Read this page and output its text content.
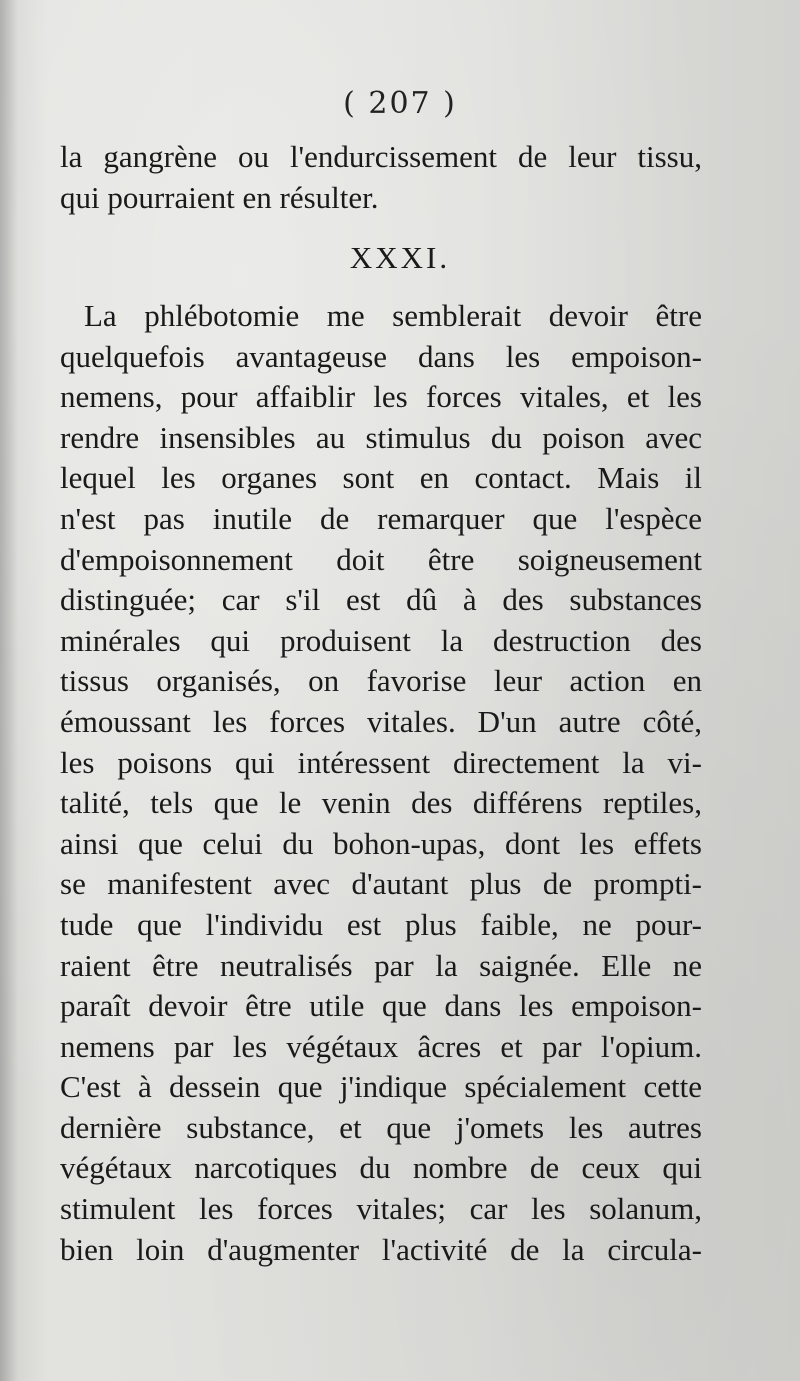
( 207 )
la gangrène ou l'endurcissement de leur tissu,
qui pourraient en résulter.
XXXI.
La phlébotomie me semblerait devoir être
quelquefois avantageuse dans les empoison-
nemens, pour affaiblir les forces vitales, et les
rendre insensibles au stimulus du poison avec
lequel les organes sont en contact. Mais il
n'est pas inutile de remarquer que l'espèce
d'empoisonnement doit être soigneusement
distinguée; car s'il est dû à des substances
minérales qui produisent la destruction des
tissus organisés, on favorise leur action en
émoussant les forces vitales. D'un autre côté,
les poisons qui intéressent directement la vi-
talité, tels que le venin des différens reptiles,
ainsi que celui du bohon-upas, dont les effets
se manifestent avec d'autant plus de prompti-
tude que l'individu est plus faible, ne pour-
raient être neutralisés par la saignée. Elle ne
paraît devoir être utile que dans les empoison-
nemens par les végétaux âcres et par l'opium.
C'est à dessein que j'indique spécialement cette
dernière substance, et que j'omets les autres
végétaux narcotiques du nombre de ceux qui
stimulent les forces vitales; car les solanum,
bien loin d'augmenter l'activité de la circula-
